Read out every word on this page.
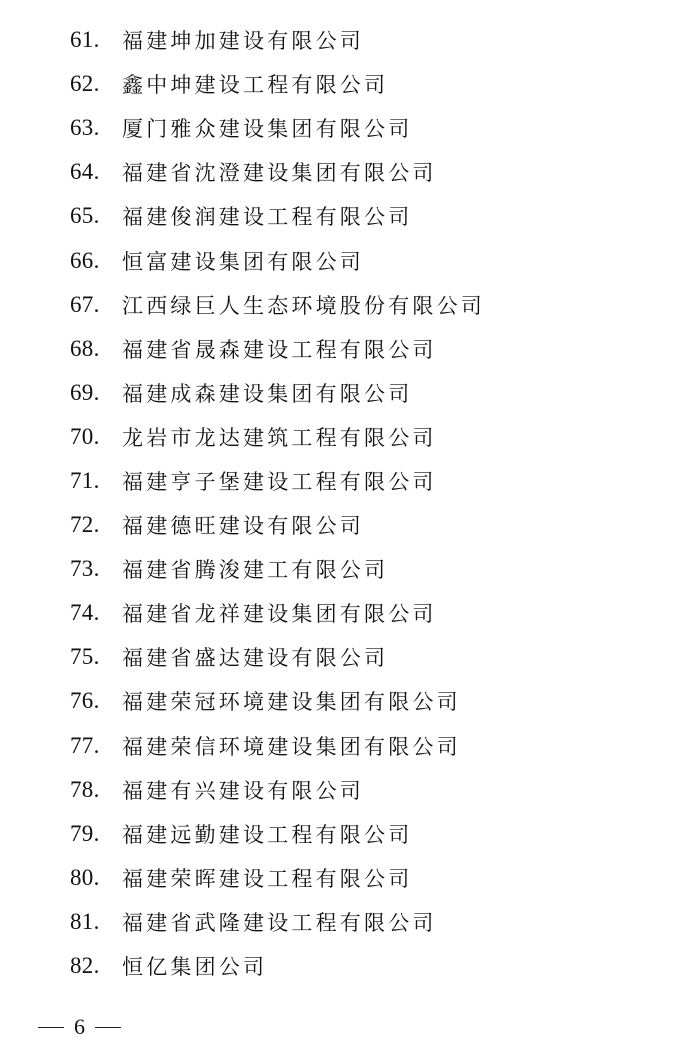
61.	福建坤加建设有限公司
62.	鑫中坤建设工程有限公司
63.	厦门雅众建设集团有限公司
64.	福建省沈澄建设集团有限公司
65.	福建俊润建设工程有限公司
66.	恒富建设集团有限公司
67.	江西绿巨人生态环境股份有限公司
68.	福建省晟森建设工程有限公司
69.	福建成森建设集团有限公司
70.	龙岩市龙达建筑工程有限公司
71.	福建亨子堡建设工程有限公司
72.	福建德旺建设有限公司
73.	福建省腾浚建工有限公司
74.	福建省龙祥建设集团有限公司
75.	福建省盛达建设有限公司
76.	福建荣冠环境建设集团有限公司
77.	福建荣信环境建设集团有限公司
78.	福建有兴建设有限公司
79.	福建远勤建设工程有限公司
80.	福建荣晖建设工程有限公司
81.	福建省武隆建设工程有限公司
82.	恒亿集团公司
6
